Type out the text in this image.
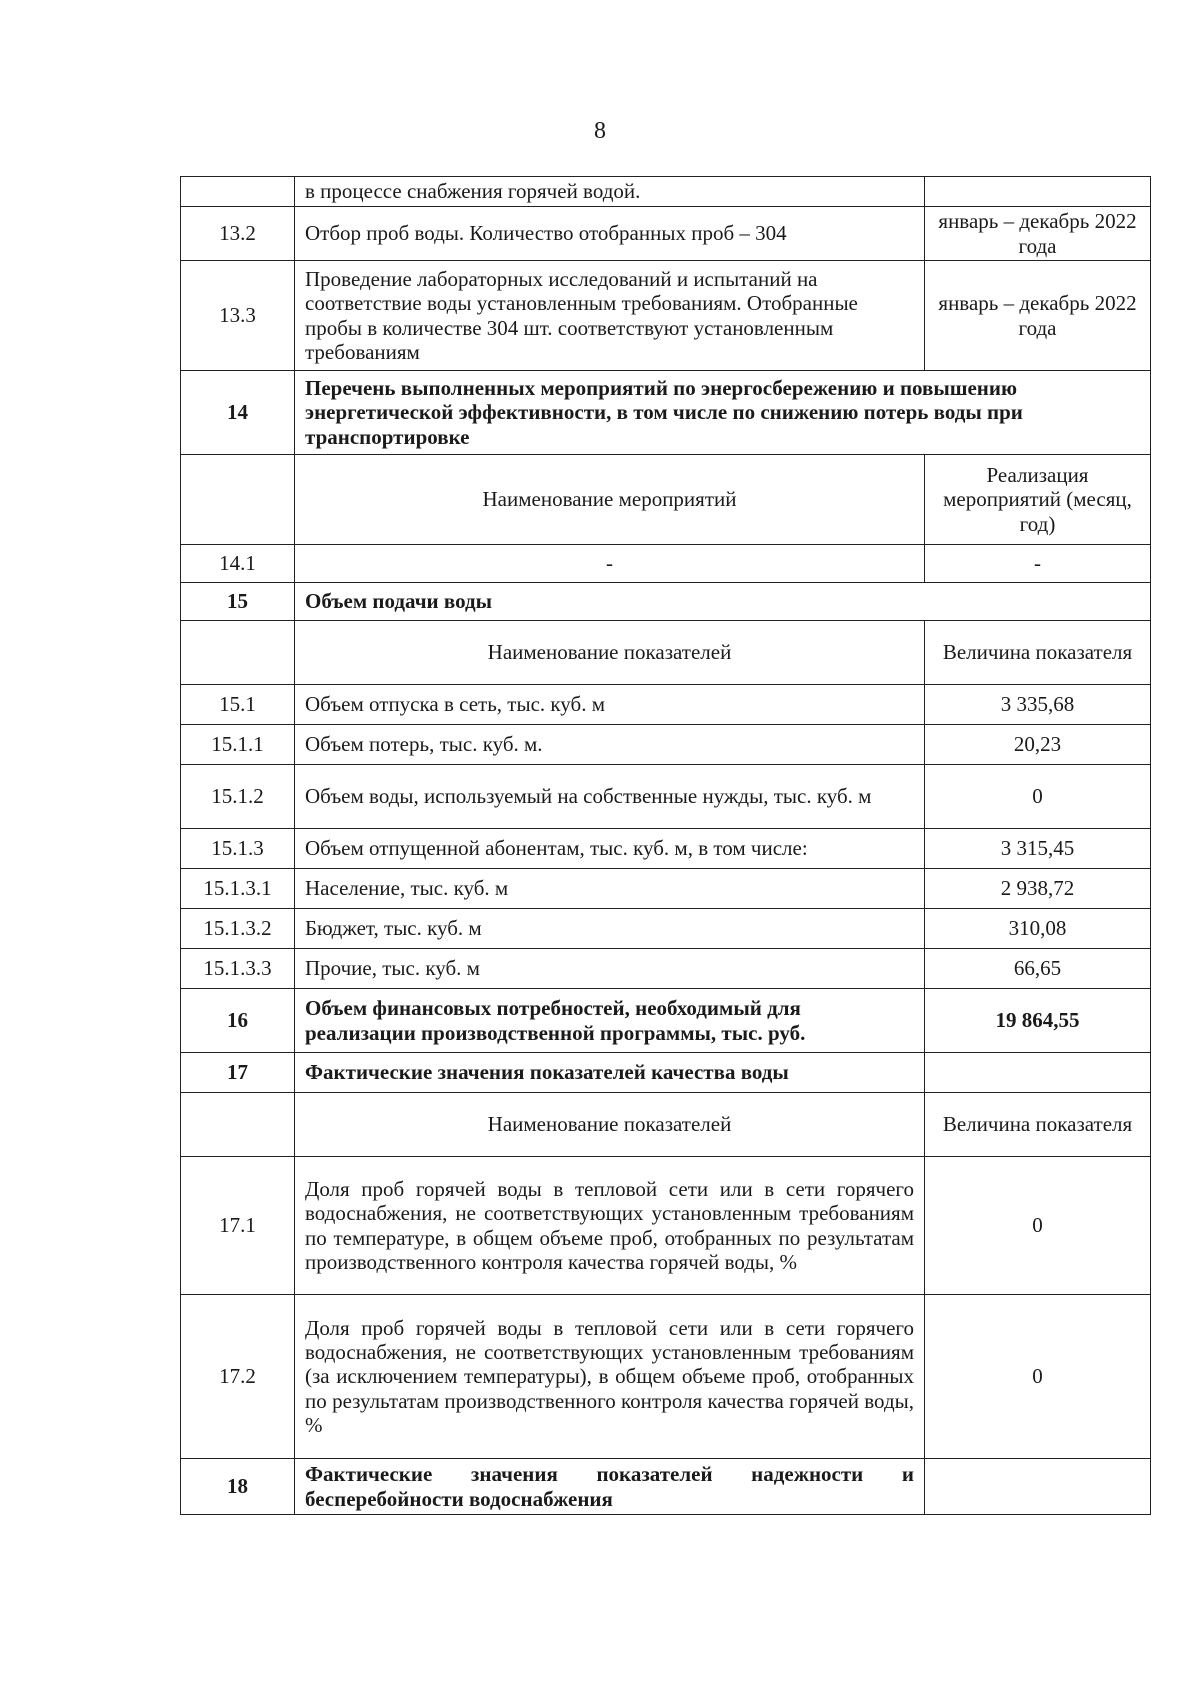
8
	в процессе снабжения горячей водой.	
13.2	Отбор проб воды. Количество отобранных проб – 304	январь – декабрь 2022 года
13.3	Проведение лабораторных исследований и испытаний на соответствие воды установленным требованиям. Отобранные пробы в количестве 304 шт. соответствуют установленным требованиям	январь – декабрь 2022 года
14	Перечень выполненных мероприятий по энергосбережению и повышению энергетической эффективности, в том числе по снижению потерь воды при транспортировке	
	Наименование мероприятий	Реализация мероприятий (месяц, год)
14.1	-	-
15	Объем подачи воды	
	Наименование показателей	Величина показателя
15.1	Объем отпуска в сеть, тыс. куб. м	3 335,68
15.1.1	Объем потерь, тыс. куб. м.	20,23
15.1.2	Объем воды, используемый на собственные нужды, тыс. куб. м	0
15.1.3	Объем отпущенной абонентам, тыс. куб. м, в том числе:	3 315,45
15.1.3.1	Население, тыс. куб. м	2 938,72
15.1.3.2	Бюджет, тыс. куб. м	310,08
15.1.3.3	Прочие, тыс. куб. м	66,65
16	Объем финансовых потребностей, необходимый для реализации производственной программы, тыс. руб.	19 864,55
17	Фактические значения показателей качества воды	
	Наименование показателей	Величина показателя
17.1	Доля проб горячей воды в тепловой сети или в сети горячего водоснабжения, не соответствующих установленным требованиям по температуре, в общем объеме проб, отобранных по результатам производственного контроля качества горячей воды, %	0
17.2	Доля проб горячей воды в тепловой сети или в сети горячего водоснабжения, не соответствующих установленным требованиям (за исключением температуры), в общем объеме проб, отобранных по результатам производственного контроля качества горячей воды, %	0
18	Фактические значения показателей надежности и бесперебойности водоснабжения	
